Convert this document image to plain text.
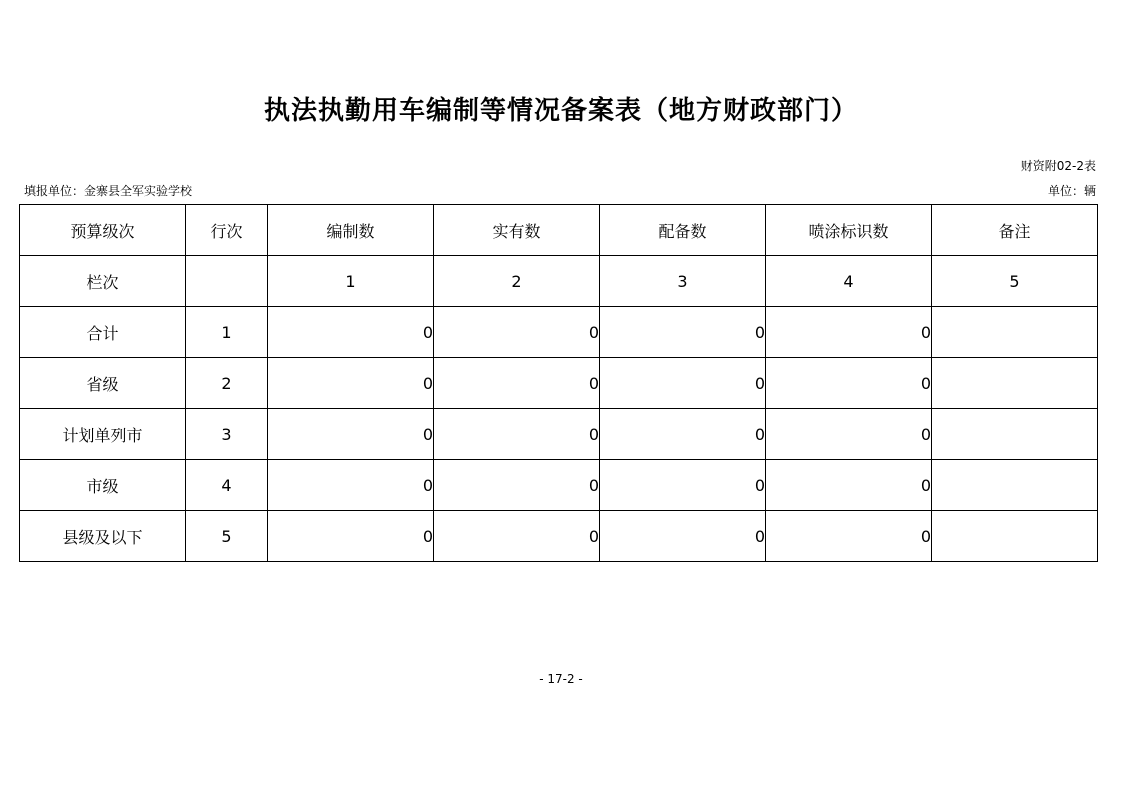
执法执勤用车编制等情况备案表（地方财政部门）
财资附02-2表
填报单位：金寨县全军实验学校	单位：辆
预算级次	行次	编制数	实有数	配备数	喷涂标识数	备注
栏次		1	2	3	4	5
合计	1	0	0	0	0	
省级	2	0	0	0	0	
计划单列市	3	0	0	0	0	
市级	4	0	0	0	0	
县级及以下	5	0	0	0	0	
- 17-2 -
